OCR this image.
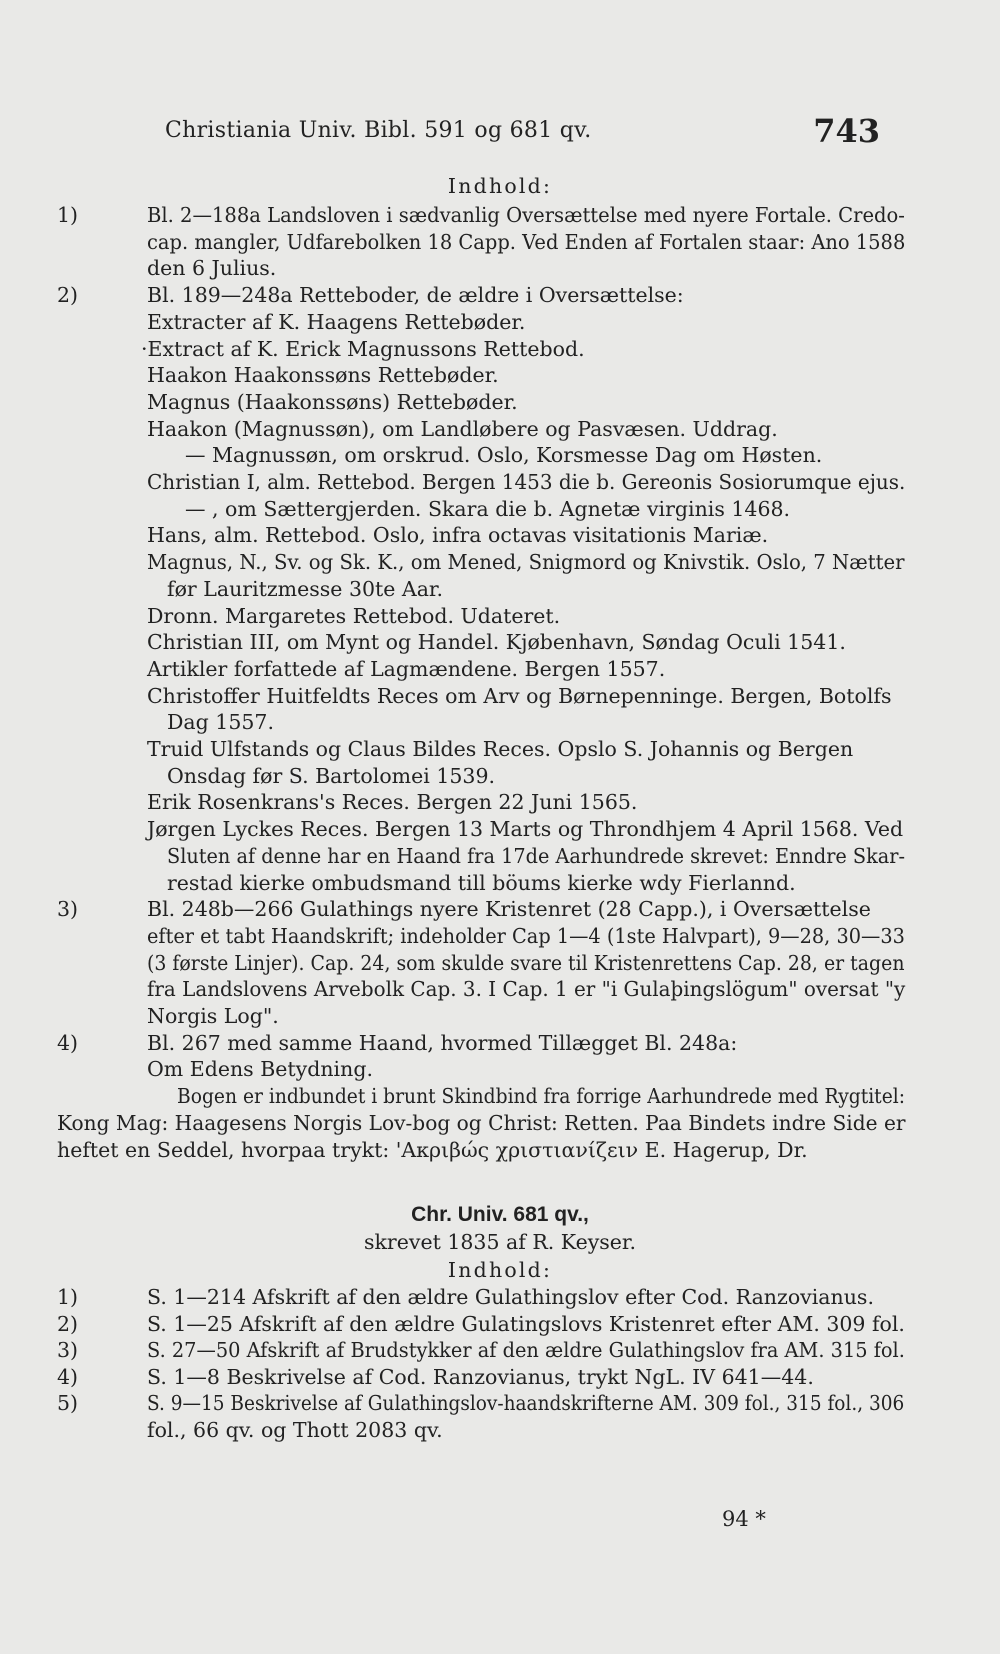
Christiania Univ. Bibl. 591 og 681 qv.	743
Indhold:
1)	Bl. 2—188a Landsloven i sædvanlig Oversættelse med nyere Fortale. Credo-
cap. mangler, Udfarebolken 18 Capp. Ved Enden af Fortalen staar: Ano 1588
den 6 Julius.
2)	Bl. 189—248a Retteboder, de ældre i Oversættelse:
Extracter af K. Haagens Rettebøder.
·Extract af K. Erick Magnussons Rettebod.
Haakon Haakonssøns Rettebøder.
Magnus (Haakonssøns) Rettebøder.
Haakon (Magnussøn), om Landløbere og Pasvæsen. Uddrag.
— Magnussøn, om orskrud. Oslo, Korsmesse Dag om Høsten.
Christian I, alm. Rettebod. Bergen 1453 die b. Gereonis Sosiorumque ejus.
— , om Sættergjerden. Skara die b. Agnetæ virginis 1468.
Hans, alm. Rettebod. Oslo, infra octavas visitationis Mariæ.
Magnus, N., Sv. og Sk. K., om Mened, Snigmord og Knivstik. Oslo, 7 Nætter
før Lauritzmesse 30te Aar.
Dronn. Margaretes Rettebod. Udateret.
Christian III, om Mynt og Handel. Kjøbenhavn, Søndag Oculi 1541.
Artikler forfattede af Lagmændene. Bergen 1557.
Christoffer Huitfeldts Reces om Arv og Børnepenninge. Bergen, Botolfs
Dag 1557.
Truid Ulfstands og Claus Bildes Reces. Opslo S. Johannis og Bergen
Onsdag før S. Bartolomei 1539.
Erik Rosenkrans's Reces. Bergen 22 Juni 1565.
Jørgen Lyckes Reces. Bergen 13 Marts og Throndhjem 4 April 1568. Ved
Sluten af denne har en Haand fra 17de Aarhundrede skrevet: Enndre Skar-
restad kierke ombudsmand till böums kierke wdy Fierlannd.
3)	Bl. 248b—266 Gulathings nyere Kristenret (28 Capp.), i Oversættelse
efter et tabt Haandskrift; indeholder Cap 1—4 (1ste Halvpart), 9—28, 30—33
(3 første Linjer). Cap. 24, som skulde svare til Kristenrettens Cap. 28, er tagen
fra Landslovens Arvebolk Cap. 3. I Cap. 1 er "i Gulaþingslögum" oversat "y
Norgis Log".
4)	Bl. 267 med samme Haand, hvormed Tillægget Bl. 248a:
Om Edens Betydning.
Bogen er indbundet i brunt Skindbind fra forrige Aarhundrede med Rygtitel:
Kong Mag: Haagesens Norgis Lov-bog og Christ: Retten. Paa Bindets indre Side er
heftet en Seddel, hvorpaa trykt: 'Ακριβώς χριστιανίζειν E. Hagerup, Dr.
Chr. Univ. 681 qv.,
skrevet 1835 af R. Keyser.
Indhold:
1)	S. 1—214 Afskrift af den ældre Gulathingslov efter Cod. Ranzovianus.
2)	S. 1—25 Afskrift af den ældre Gulatingslovs Kristenret efter AM. 309 fol.
3)	S. 27—50 Afskrift af Brudstykker af den ældre Gulathingslov fra AM. 315 fol.
4)	S. 1—8 Beskrivelse af Cod. Ranzovianus, trykt NgL. IV 641—44.
5)	S. 9—15 Beskrivelse af Gulathingslov-haandskrifterne AM. 309 fol., 315 fol., 306
fol., 66 qv. og Thott 2083 qv.
94 *
